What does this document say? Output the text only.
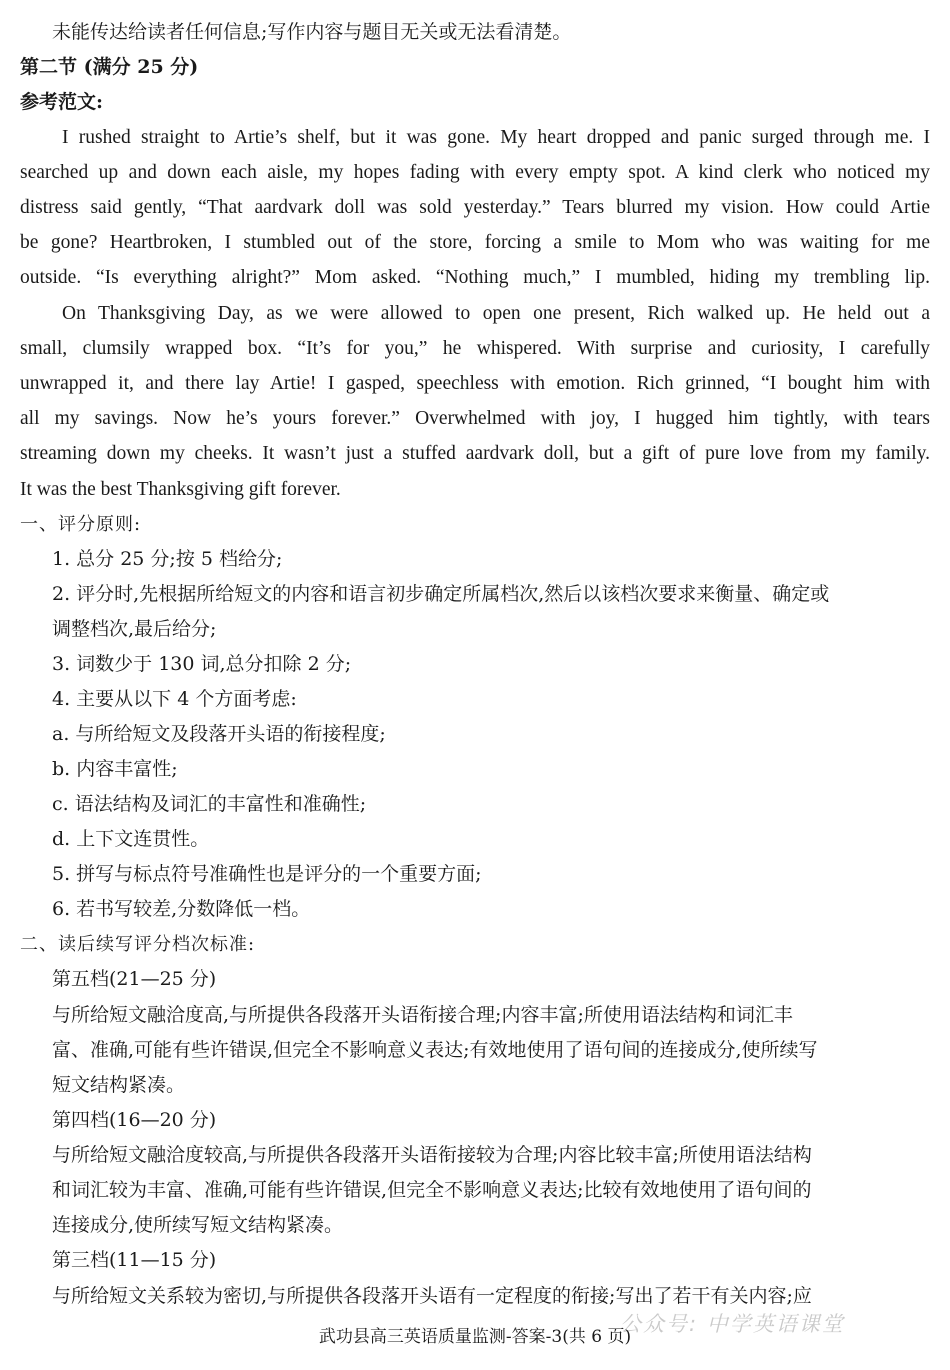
未能传达给读者任何信息;写作内容与题目无关或无法看清楚。
第二节 (满分 25 分)
参考范文:
I rushed straight to Artie’s shelf, but it was gone. My heart dropped and panic surged through me. I
searched up and down each aisle, my hopes fading with every empty spot. A kind clerk who noticed my
distress said gently, “That aardvark doll was sold yesterday.” Tears blurred my vision. How could Artie
be gone? Heartbroken, I stumbled out of the store, forcing a smile to Mom who was waiting for me
outside. “Is everything alright?” Mom asked. “Nothing much,” I mumbled, hiding my trembling lip.
On Thanksgiving Day, as we were allowed to open one present, Rich walked up. He held out a
small, clumsily wrapped box. “It’s for you,” he whispered. With surprise and curiosity, I carefully
unwrapped it, and there lay Artie! I gasped, speechless with emotion. Rich grinned, “I bought him with
all my savings. Now he’s yours forever.” Overwhelmed with joy, I hugged him tightly, with tears
streaming down my cheeks. It wasn’t just a stuffed aardvark doll, but a gift of pure love from my family.
It was the best Thanksgiving gift forever.
一、评分原则:
1. 总分 25 分;按 5 档给分;
2. 评分时,先根据所给短文的内容和语言初步确定所属档次,然后以该档次要求来衡量、确定或
调整档次,最后给分;
3. 词数少于 130 词,总分扣除 2 分;
4. 主要从以下 4 个方面考虑:
a. 与所给短文及段落开头语的衔接程度;
b. 内容丰富性;
c. 语法结构及词汇的丰富性和准确性;
d. 上下文连贯性。
5. 拼写与标点符号准确性也是评分的一个重要方面;
6. 若书写较差,分数降低一档。
二、读后续写评分档次标准:
第五档(21—25 分)
与所给短文融洽度高,与所提供各段落开头语衔接合理;内容丰富;所使用语法结构和词汇丰
富、准确,可能有些许错误,但完全不影响意义表达;有效地使用了语句间的连接成分,使所续写
短文结构紧凑。
第四档(16—20 分)
与所给短文融洽度较高,与所提供各段落开头语衔接较为合理;内容比较丰富;所使用语法结构
和词汇较为丰富、准确,可能有些许错误,但完全不影响意义表达;比较有效地使用了语句间的
连接成分,使所续写短文结构紧凑。
第三档(11—15 分)
与所给短文关系较为密切,与所提供各段落开头语有一定程度的衔接;写出了若干有关内容;应
公众号: 中学英语课堂
武功县高三英语质量监测-答案-3(共 6 页)
